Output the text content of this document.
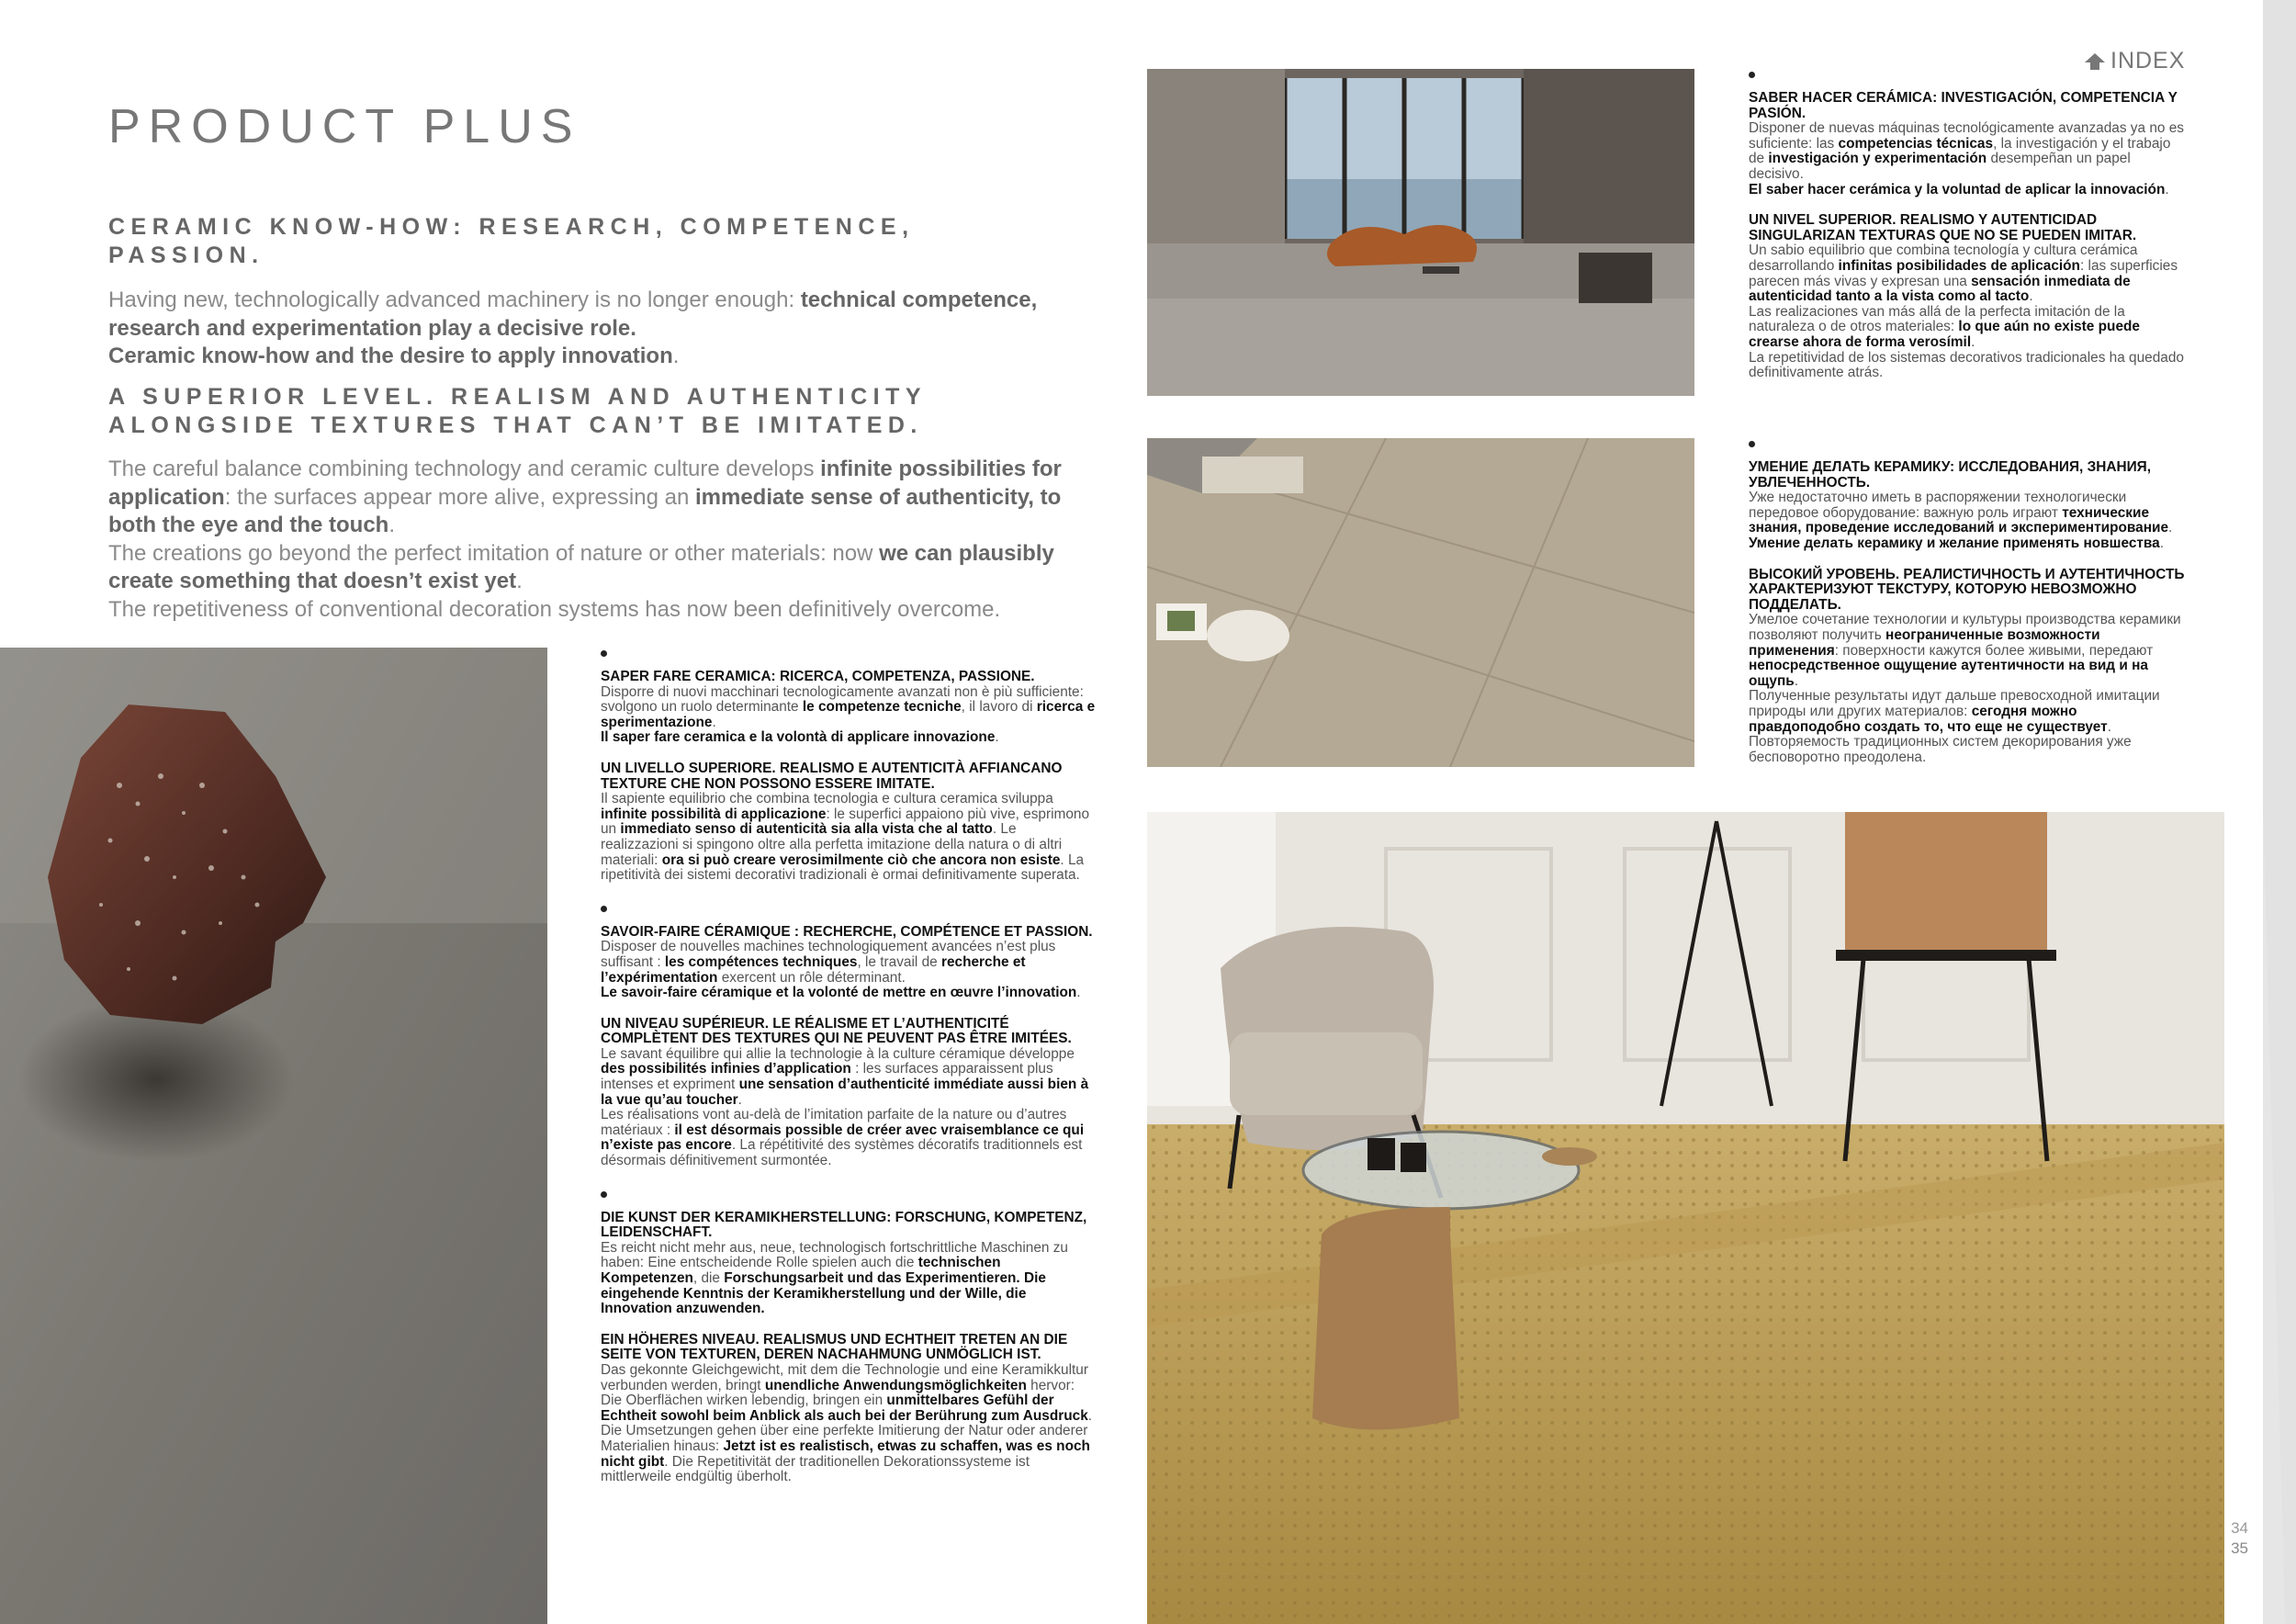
INDEX
PRODUCT PLUS
CERAMIC KNOW-HOW: RESEARCH, COMPETENCE, PASSION.

Having new, technologically advanced machinery is no longer enough: technical competence, research and experimentation play a decisive role.
Ceramic know-how and the desire to apply innovation.

A SUPERIOR LEVEL. REALISM AND AUTHENTICITY
ALONGSIDE TEXTURES THAT CAN’T BE IMITATED.

The careful balance combining technology and ceramic culture develops infinite possibilities for application: the surfaces appear more alive, expressing an immediate sense of authenticity, to both the eye and the touch.
The creations go beyond the perfect imitation of nature or other materials: now we can plausibly create something that doesn’t exist yet.
The repetitiveness of conventional decoration systems has now been definitively overcome.

SAPER FARE CERAMICA: RICERCA, COMPETENZA, PASSIONE.

Disporre di nuovi macchinari tecnologicamente avanzati non è più sufficiente: svolgono un ruolo determinante le competenze tecniche, il lavoro di ricerca e sperimentazione.
Il saper fare ceramica e la volontà di applicare innovazione.

UN LIVELLO SUPERIORE. REALISMO E AUTENTICITÀ AFFIANCANO TEXTURE CHE NON POSSONO ESSERE IMITATE.

Il sapiente equilibrio che combina tecnologia e cultura ceramica sviluppa infinite possibilità di applicazione: le superfici appaiono più vive, esprimono un immediato senso di autenticità sia alla vista che al tatto. Le realizzazioni si spingono oltre alla perfetta imitazione della natura o di altri materiali: ora si può creare verosimilmente ciò che ancora non esiste. La ripetitività dei sistemi decorativi tradizionali è ormai definitivamente superata.

SAVOIR-FAIRE CÉRAMIQUE : RECHERCHE, COMPÉTENCE ET PASSION.

Disposer de nouvelles machines technologiquement avancées n’est plus suffisant : les compétences techniques, le travail de recherche et l’expérimentation exercent un rôle déterminant.
Le savoir-faire céramique et la volonté de mettre en œuvre l’innovation.

UN NIVEAU SUPÉRIEUR. LE RÉALISME ET L’AUTHENTICITÉ COMPLÈTENT DES TEXTURES QUI NE PEUVENT PAS ÊTRE IMITÉES.

Le savant équilibre qui allie la technologie à la culture céramique développe des possibilités infinies d’application : les surfaces apparaissent plus intenses et expriment une sensation d’authenticité immédiate aussi bien à la vue qu’au toucher.
Les réalisations vont au-delà de l’imitation parfaite de la nature ou d’autres matériaux : il est désormais possible de créer avec vraisemblance ce qui n’existe pas encore. La répétitivité des systèmes décoratifs traditionnels est désormais définitivement surmontée.

DIE KUNST DER KERAMIKHERSTELLUNG: FORSCHUNG, KOMPETENZ, LEIDENSCHAFT.

Es reicht nicht mehr aus, neue, technologisch fortschrittliche Maschinen zu haben: Eine entscheidende Rolle spielen auch die technischen Kompetenzen, die Forschungsarbeit und das Experimentieren. Die eingehende Kenntnis der Keramikherstellung und der Wille, die Innovation anzuwenden.

EIN HÖHERES NIVEAU. REALISMUS UND ECHTHEIT TRETEN AN DIE SEITE VON TEXTUREN, DEREN NACHAHMUNG UNMÖGLICH IST.

Das gekonnte Gleichgewicht, mit dem die Technologie und eine Keramikkultur verbunden werden, bringt unendliche Anwendungsmöglichkeiten hervor: Die Oberflächen wirken lebendig, bringen ein unmittelbares Gefühl der Echtheit sowohl beim Anblick als auch bei der Berührung zum Ausdruck.
Die Umsetzungen gehen über eine perfekte Imitierung der Natur oder anderer Materialien hinaus: Jetzt ist es realistisch, etwas zu schaffen, was es noch nicht gibt. Die Repetitivität der traditionellen Dekorationssysteme ist mittlerweile endgültig überholt.

SABER HACER CERÁMICA: INVESTIGACIÓN, COMPETENCIA Y PASIÓN.

Disponer de nuevas máquinas tecnológicamente avanzadas ya no es suficiente: las competencias técnicas, la investigación y el trabajo de investigación y experimentación desempeñan un papel decisivo.
El saber hacer cerámica y la voluntad de aplicar la innovación.

UN NIVEL SUPERIOR. REALISMO Y AUTENTICIDAD SINGULARIZAN TEXTURAS QUE NO SE PUEDEN IMITAR.

Un sabio equilibrio que combina tecnología y cultura cerámica desarrollando infinitas posibilidades de aplicación: las superficies parecen más vivas y expresan una sensación inmediata de autenticidad tanto a la vista como al tacto.
Las realizaciones van más allá de la perfecta imitación de la naturaleza o de otros materiales: lo que aún no existe puede crearse ahora de forma verosímil.
La repetitividad de los sistemas decorativos tradicionales ha quedado definitivamente atrás.

УМЕНИЕ ДЕЛАТЬ КЕРАМИКУ: ИССЛЕДОВАНИЯ, ЗНАНИЯ, УВЛЕЧЕННОСТЬ.

Уже недостаточно иметь в распоряжении технологически передовое оборудование: важную роль играют технические знания, проведение исследований и экспериментирование.
Умение делать керамику и желание применять новшества.

ВЫСОКИЙ УРОВЕНЬ. РЕАЛИСТИЧНОСТЬ И АУТЕНТИЧНОСТЬ ХАРАКТЕРИЗУЮТ ТЕКСТУРУ, КОТОРУЮ НЕВОЗМОЖНО ПОДДЕЛАТЬ.

Умелое сочетание технологии и культуры производства керамики позволяют получить неограниченные возможности применения: поверхности кажутся более живыми, передают непосредственное ощущение аутентичности на вид и на ощупь.
Полученные результаты идут дальше превосходной имитации природы или других материалов: сегодня можно правдоподобно создать то, что еще не существует.
Повторяемость традиционных систем декорирования уже бесповоротно преодолена.

34
35
